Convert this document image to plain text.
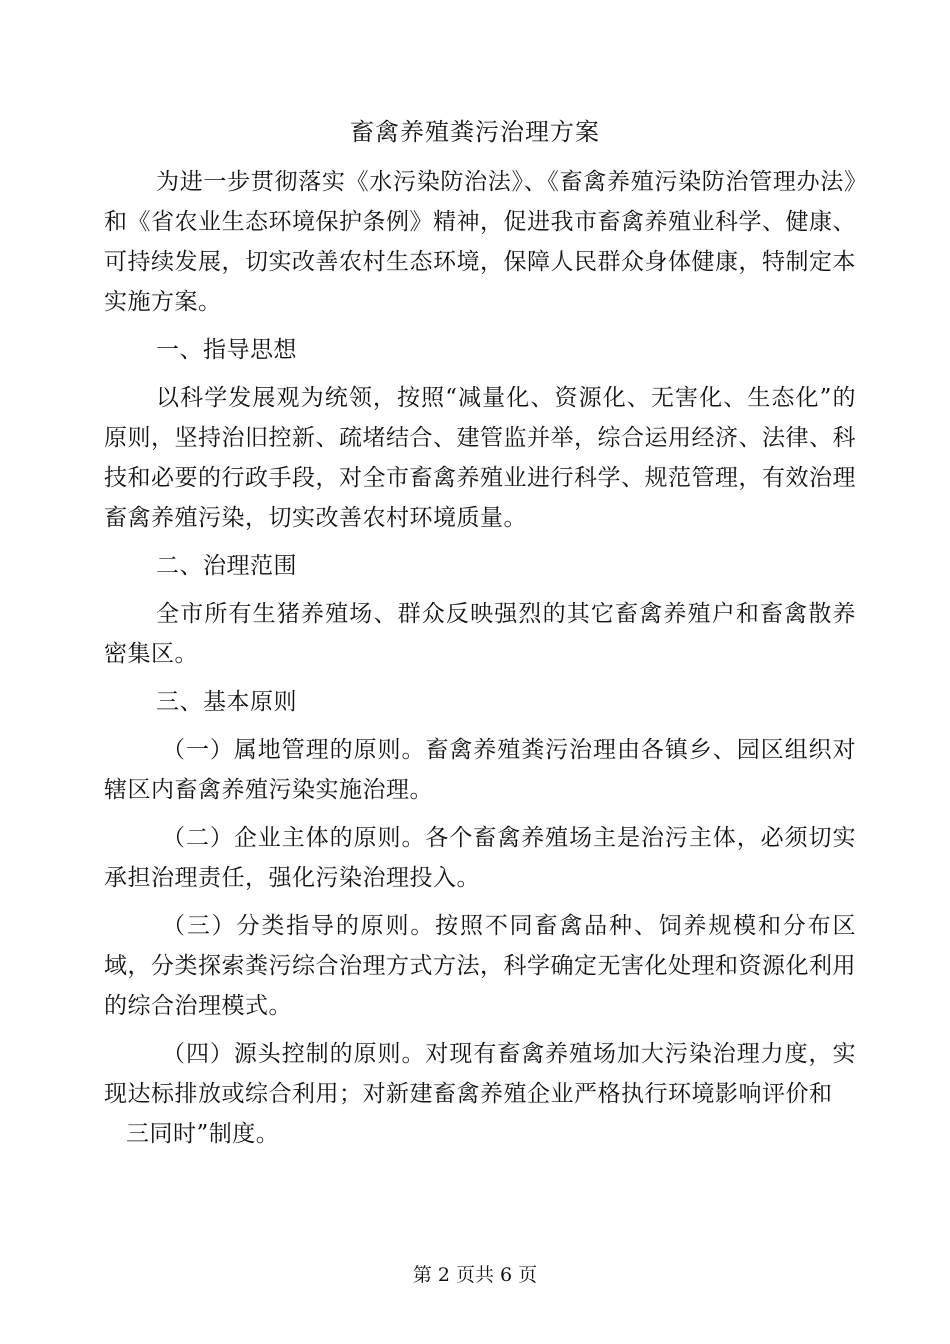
畜禽养殖粪污治理方案

为进一步贯彻落实《水污染防治法》、《畜禽养殖污染防治管理办法》和《省农业生态环境保护条例》精神，促进我市畜禽养殖业科学、健康、可持续发展，切实改善农村生态环境，保障人民群众身体健康，特制定本实施方案。

一、指导思想

以科学发展观为统领，按照“减量化、资源化、无害化、生态化”的原则，坚持治旧控新、疏堵结合、建管监并举，综合运用经济、法律、科技和必要的行政手段，对全市畜禽养殖业进行科学、规范管理，有效治理畜禽养殖污染，切实改善农村环境质量。

二、治理范围

全市所有生猪养殖场、群众反映强烈的其它畜禽养殖户和畜禽散养密集区。

三、基本原则

（一）属地管理的原则。畜禽养殖粪污治理由各镇乡、园区组织对辖区内畜禽养殖污染实施治理。

（二）企业主体的原则。各个畜禽养殖场主是治污主体，必须切实承担治理责任，强化污染治理投入。

（三）分类指导的原则。按照不同畜禽品种、饲养规模和分布区域，分类探索粪污综合治理方式方法，科学确定无害化处理和资源化利用的综合治理模式。

（四）源头控制的原则。对现有畜禽养殖场加大污染治理力度，实现达标排放或综合利用；对新建畜禽养殖企业严格执行环境影响评价和

三同时”制度。

第 2 页共 6 页
